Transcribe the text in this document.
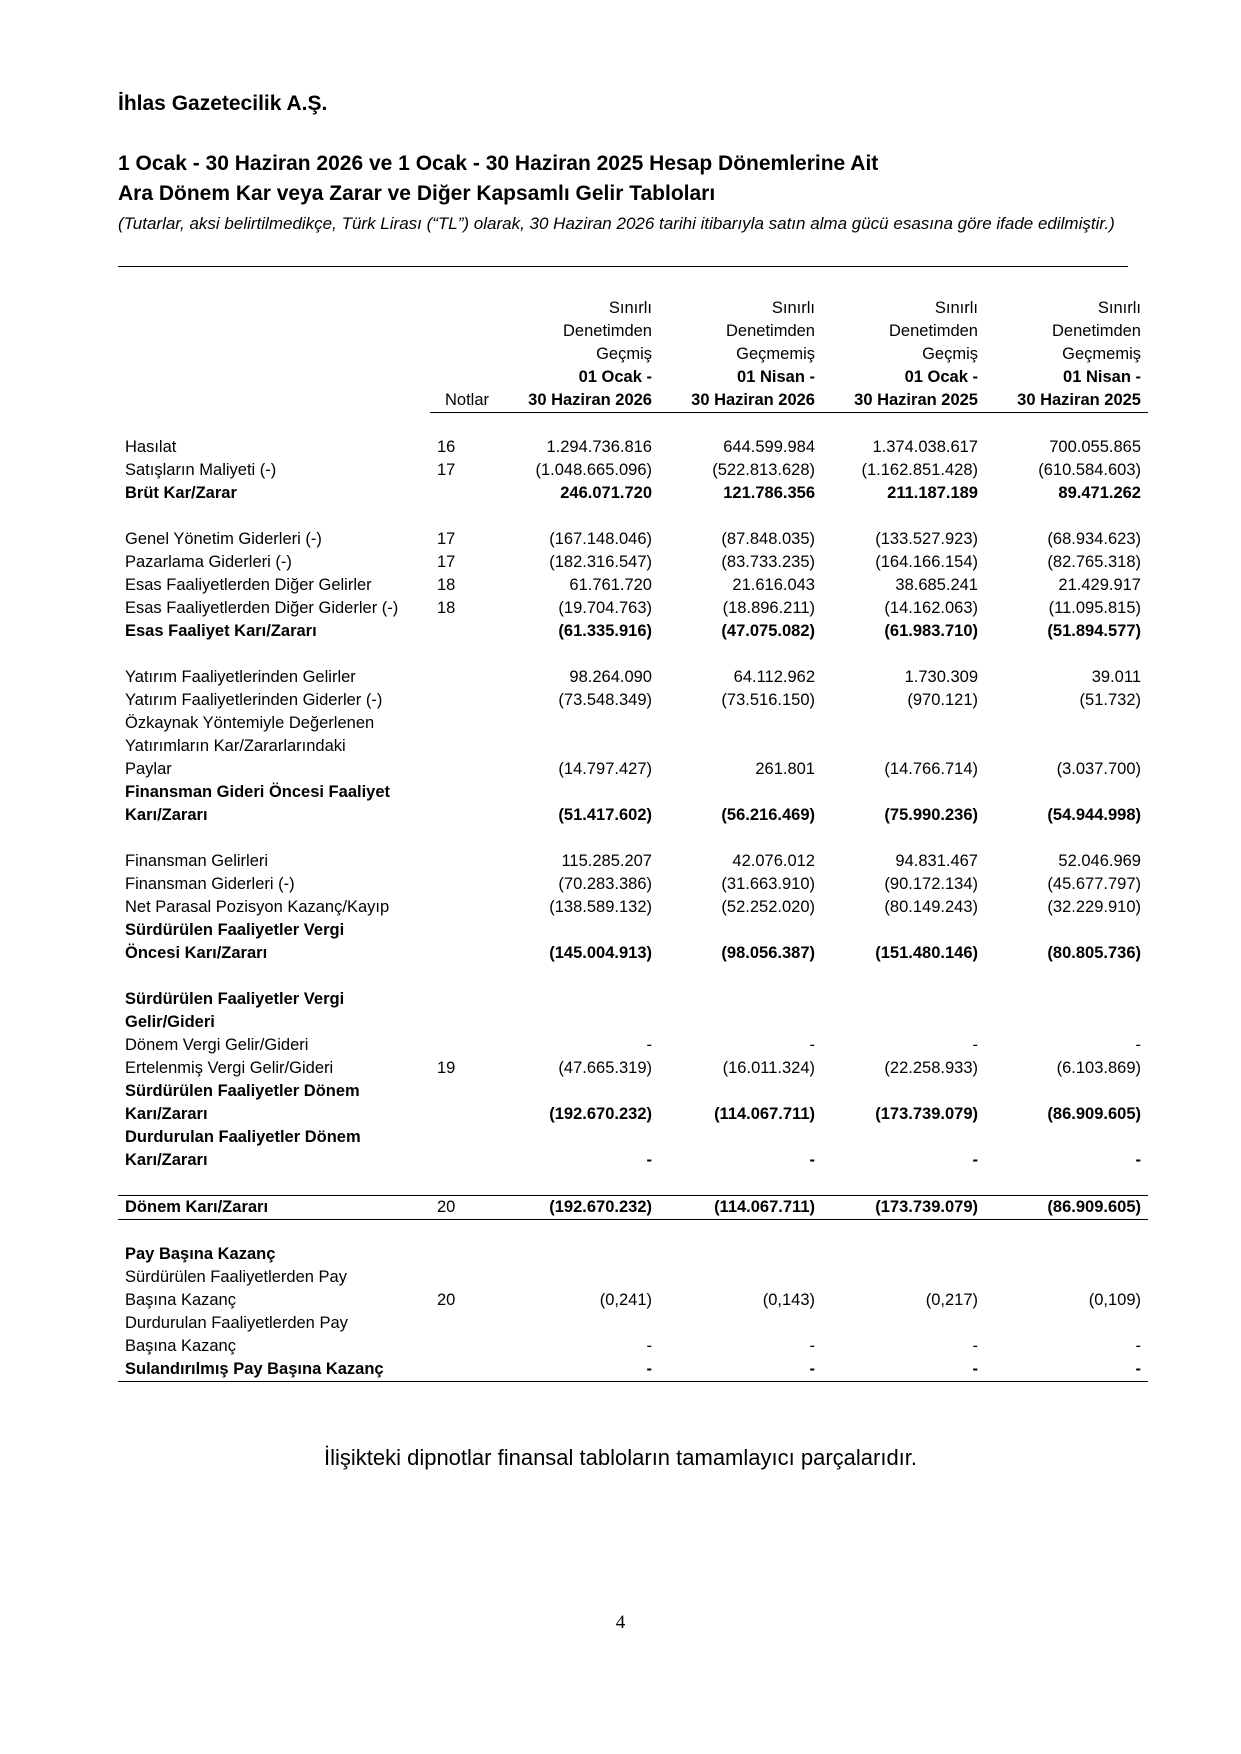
İhlas Gazetecilik A.Ş.
1 Ocak - 30 Haziran 2026 ve 1 Ocak - 30 Haziran 2025 Hesap Dönemlerine Ait
Ara Dönem Kar veya Zarar ve Diğer Kapsamlı Gelir Tabloları
(Tutarlar, aksi belirtilmedikçe, Türk Lirası (“TL”) olarak, 30 Haziran 2026 tarihi itibarıyla satın alma gücü esasına göre ifade edilmiştir.)
		Sınırlı	Sınırlı	Sınırlı	Sınırlı
		Denetimden	Denetimden	Denetimden	Denetimden
		Geçmiş	Geçmemiş	Geçmiş	Geçmemiş
		01 Ocak -	01 Nisan -	01 Ocak -	01 Nisan -
	Notlar	30 Haziran 2026	30 Haziran 2026	30 Haziran 2025	30 Haziran 2025

Hasılat	16	1.294.736.816	644.599.984	1.374.038.617	700.055.865
Satışların Maliyeti (-)	17	(1.048.665.096)	(522.813.628)	(1.162.851.428)	(610.584.603)
Brüt Kar/Zarar		246.071.720	121.786.356	211.187.189	89.471.262

Genel Yönetim Giderleri (-)	17	(167.148.046)	(87.848.035)	(133.527.923)	(68.934.623)
Pazarlama Giderleri (-)	17	(182.316.547)	(83.733.235)	(164.166.154)	(82.765.318)
Esas Faaliyetlerden Diğer Gelirler	18	61.761.720	21.616.043	38.685.241	21.429.917
Esas Faaliyetlerden Diğer Giderler (-)	18	(19.704.763)	(18.896.211)	(14.162.063)	(11.095.815)
Esas Faaliyet Karı/Zararı		(61.335.916)	(47.075.082)	(61.983.710)	(51.894.577)

Yatırım Faaliyetlerinden Gelirler		98.264.090	64.112.962	1.730.309	39.011
Yatırım Faaliyetlerinden Giderler (-)		(73.548.349)	(73.516.150)	(970.121)	(51.732)
Özkaynak Yöntemiyle Değerlenen					
Yatırımların Kar/Zararlarındaki					
Paylar		(14.797.427)	261.801	(14.766.714)	(3.037.700)
Finansman Gideri Öncesi Faaliyet					
Karı/Zararı		(51.417.602)	(56.216.469)	(75.990.236)	(54.944.998)

Finansman Gelirleri		115.285.207	42.076.012	94.831.467	52.046.969
Finansman Giderleri (-)		(70.283.386)	(31.663.910)	(90.172.134)	(45.677.797)
Net Parasal Pozisyon Kazanç/Kayıp		(138.589.132)	(52.252.020)	(80.149.243)	(32.229.910)
Sürdürülen Faaliyetler Vergi					
Öncesi Karı/Zararı		(145.004.913)	(98.056.387)	(151.480.146)	(80.805.736)

Sürdürülen Faaliyetler Vergi					
Gelir/Gideri					
Dönem Vergi Gelir/Gideri		-	-	-	-
Ertelenmiş Vergi Gelir/Gideri	19	(47.665.319)	(16.011.324)	(22.258.933)	(6.103.869)
Sürdürülen Faaliyetler Dönem					
Karı/Zararı		(192.670.232)	(114.067.711)	(173.739.079)	(86.909.605)
Durdurulan Faaliyetler Dönem					
Karı/Zararı		-	-	-	-

Dönem Karı/Zararı	20	(192.670.232)	(114.067.711)	(173.739.079)	(86.909.605)

Pay Başına Kazanç					
Sürdürülen Faaliyetlerden Pay					
Başına Kazanç	20	(0,241)	(0,143)	(0,217)	(0,109)
Durdurulan Faaliyetlerden Pay					
Başına Kazanç		-	-	-	-
Sulandırılmış Pay Başına Kazanç		-	-	-	-
İlişikteki dipnotlar finansal tabloların tamamlayıcı parçalarıdır.
4
